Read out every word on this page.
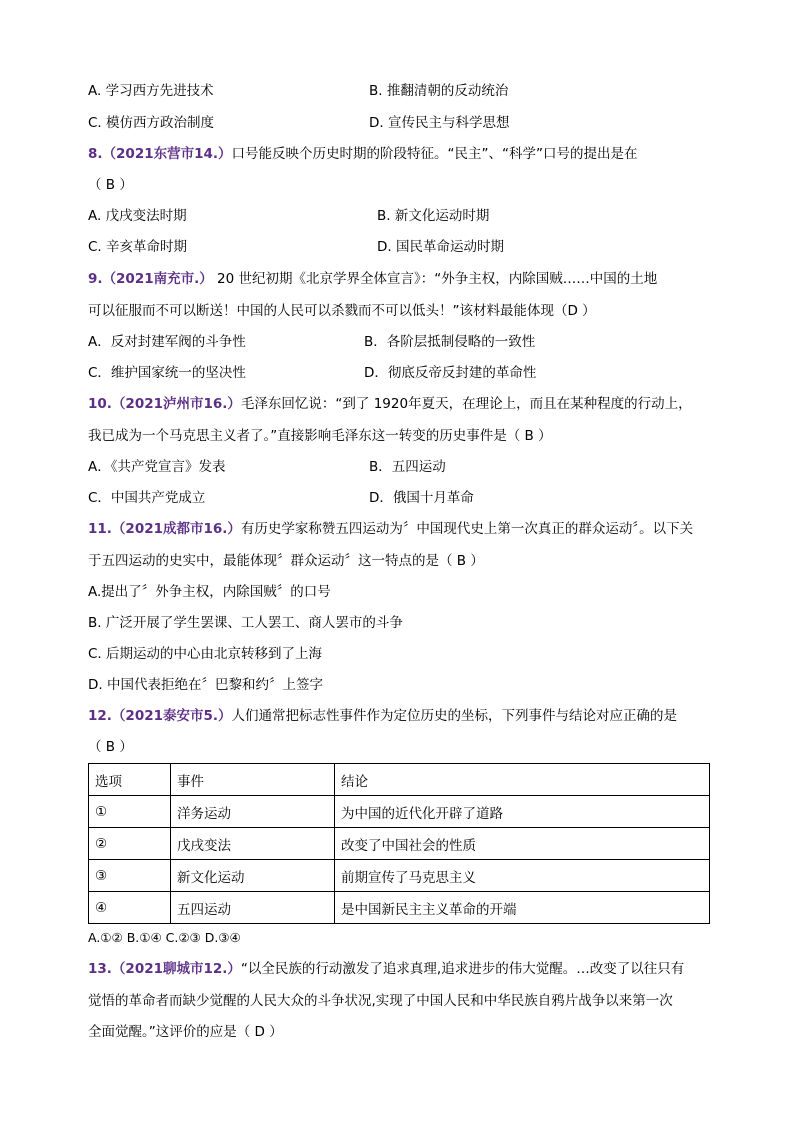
A. 学习西方先进技术	B. 推翻清朝的反动统治
C. 模仿西方政治制度	D. 宣传民主与科学思想
8.（2021东营市14.）口号能反映个历史时期的阶段特征。“民主”、“科学”口号的提出是在
（ B ）
A. 戊戌变法时期	B. 新文化运动时期
C. 辛亥革命时期	D. 国民革命运动时期
9.（2021南充市.） 20 世纪初期《北京学界全体宣言》：“外争主权，内除国贼……中国的土地
可以征服而不可以断送！中国的人民可以杀戮而不可以低头！”该材料最能体现（D ）
A．反对封建军阀的斗争性	B．各阶层抵制侵略的一致性
C．维护国家统一的坚决性	D．彻底反帝反封建的革命性
10.（2021泸州市16.）毛泽东回忆说：“到了 1920年夏天，在理论上，而且在某种程度的行动上，
我已成为一个马克思主义者了。”直接影响毛泽东这一转变的历史事件是（ B ）
A．《共产党宣言》发表	B．五四运动
C．中国共产党成立	D．俄国十月革命
11.（2021成都市16.）有历史学家称赞五四运动为〞中国现代史上第一次真正的群众运动〞。以下关
于五四运动的史实中，最能体现〞群众运动〞这一特点的是（ B ）
A.提出了〞外争主权，内除国贼〞的口号
B. 广泛开展了学生罢课、工人罢工、商人罢市的斗争
C. 后期运动的中心由北京转移到了上海
D. 中国代表拒绝在〞巴黎和约〞上签字
12.（2021泰安市5.）人们通常把标志性事件作为定位历史的坐标，下列事件与结论对应正确的是
（ B ）
选项	事件	结论
①	洋务运动	为中国的近代化开辟了道路
②	戊戌变法	改变了中国社会的性质
③	新文化运动	前期宣传了马克思主义
④	五四运动	是中国新民主主义革命的开端
A.①② B.①④ C.②③ D.③④
13.（2021聊城市12.）“以全民族的行动激发了追求真理,追求进步的伟大觉醒。…改变了以往只有
觉悟的革命者而缺少觉醒的人民大众的斗争状况,实现了中国人民和中华民族自鸦片战争以来第一次
全面觉醒。”这评价的应是（ D ）
